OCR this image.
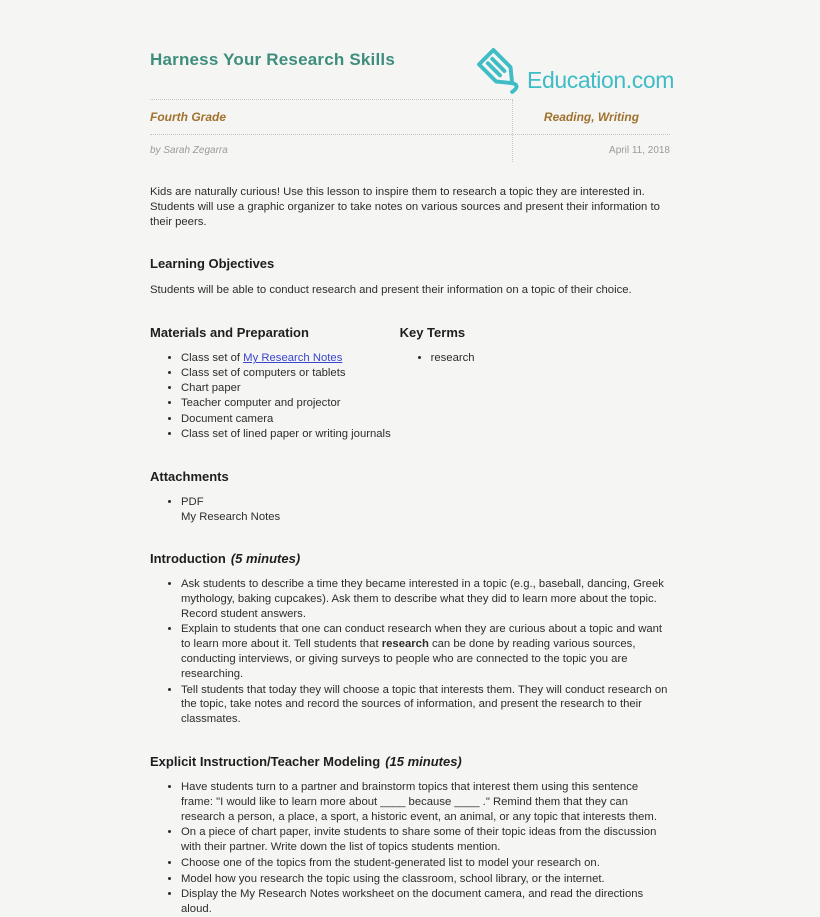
Harness Your Research Skills
Education.com
Fourth Grade	Reading, Writing
by Sarah Zegarra	April 11, 2018

Kids are naturally curious! Use this lesson to inspire them to research a topic they are interested in. Students will use a graphic organizer to take notes on various sources and present their information to their peers.

Learning Objectives

Students will be able to conduct research and present their information on a topic of their choice.

Materials and Preparation
• Class set of My Research Notes
• Class set of computers or tablets
• Chart paper
• Teacher computer and projector
• Document camera
• Class set of lined paper or writing journals
Key Terms
• research
Attachments
• PDF
My Research Notes
Introduction (5 minutes)
• Ask students to describe a time they became interested in a topic (e.g., baseball, dancing, Greek mythology, baking cupcakes). Ask them to describe what they did to learn more about the topic. Record student answers.
• Explain to students that one can conduct research when they are curious about a topic and want to learn more about it. Tell students that research can be done by reading various sources, conducting interviews, or giving surveys to people who are connected to the topic you are researching.
• Tell students that today they will choose a topic that interests them. They will conduct research on the topic, take notes and record the sources of information, and present the research to their classmates.
Explicit Instruction/Teacher Modeling (15 minutes)
• Have students turn to a partner and brainstorm topics that interest them using this sentence frame: "I would like to learn more about ____ because ____ ." Remind them that they can research a person, a place, a sport, a historic event, an animal, or any topic that interests them.
• On a piece of chart paper, invite students to share some of their topic ideas from the discussion with their partner. Write down the list of topics students mention.
• Choose one of the topics from the student-generated list to model your research on.
• Model how you research the topic using the classroom, school library, or the internet.
• Display the My Research Notes worksheet on the document camera, and read the directions aloud.
